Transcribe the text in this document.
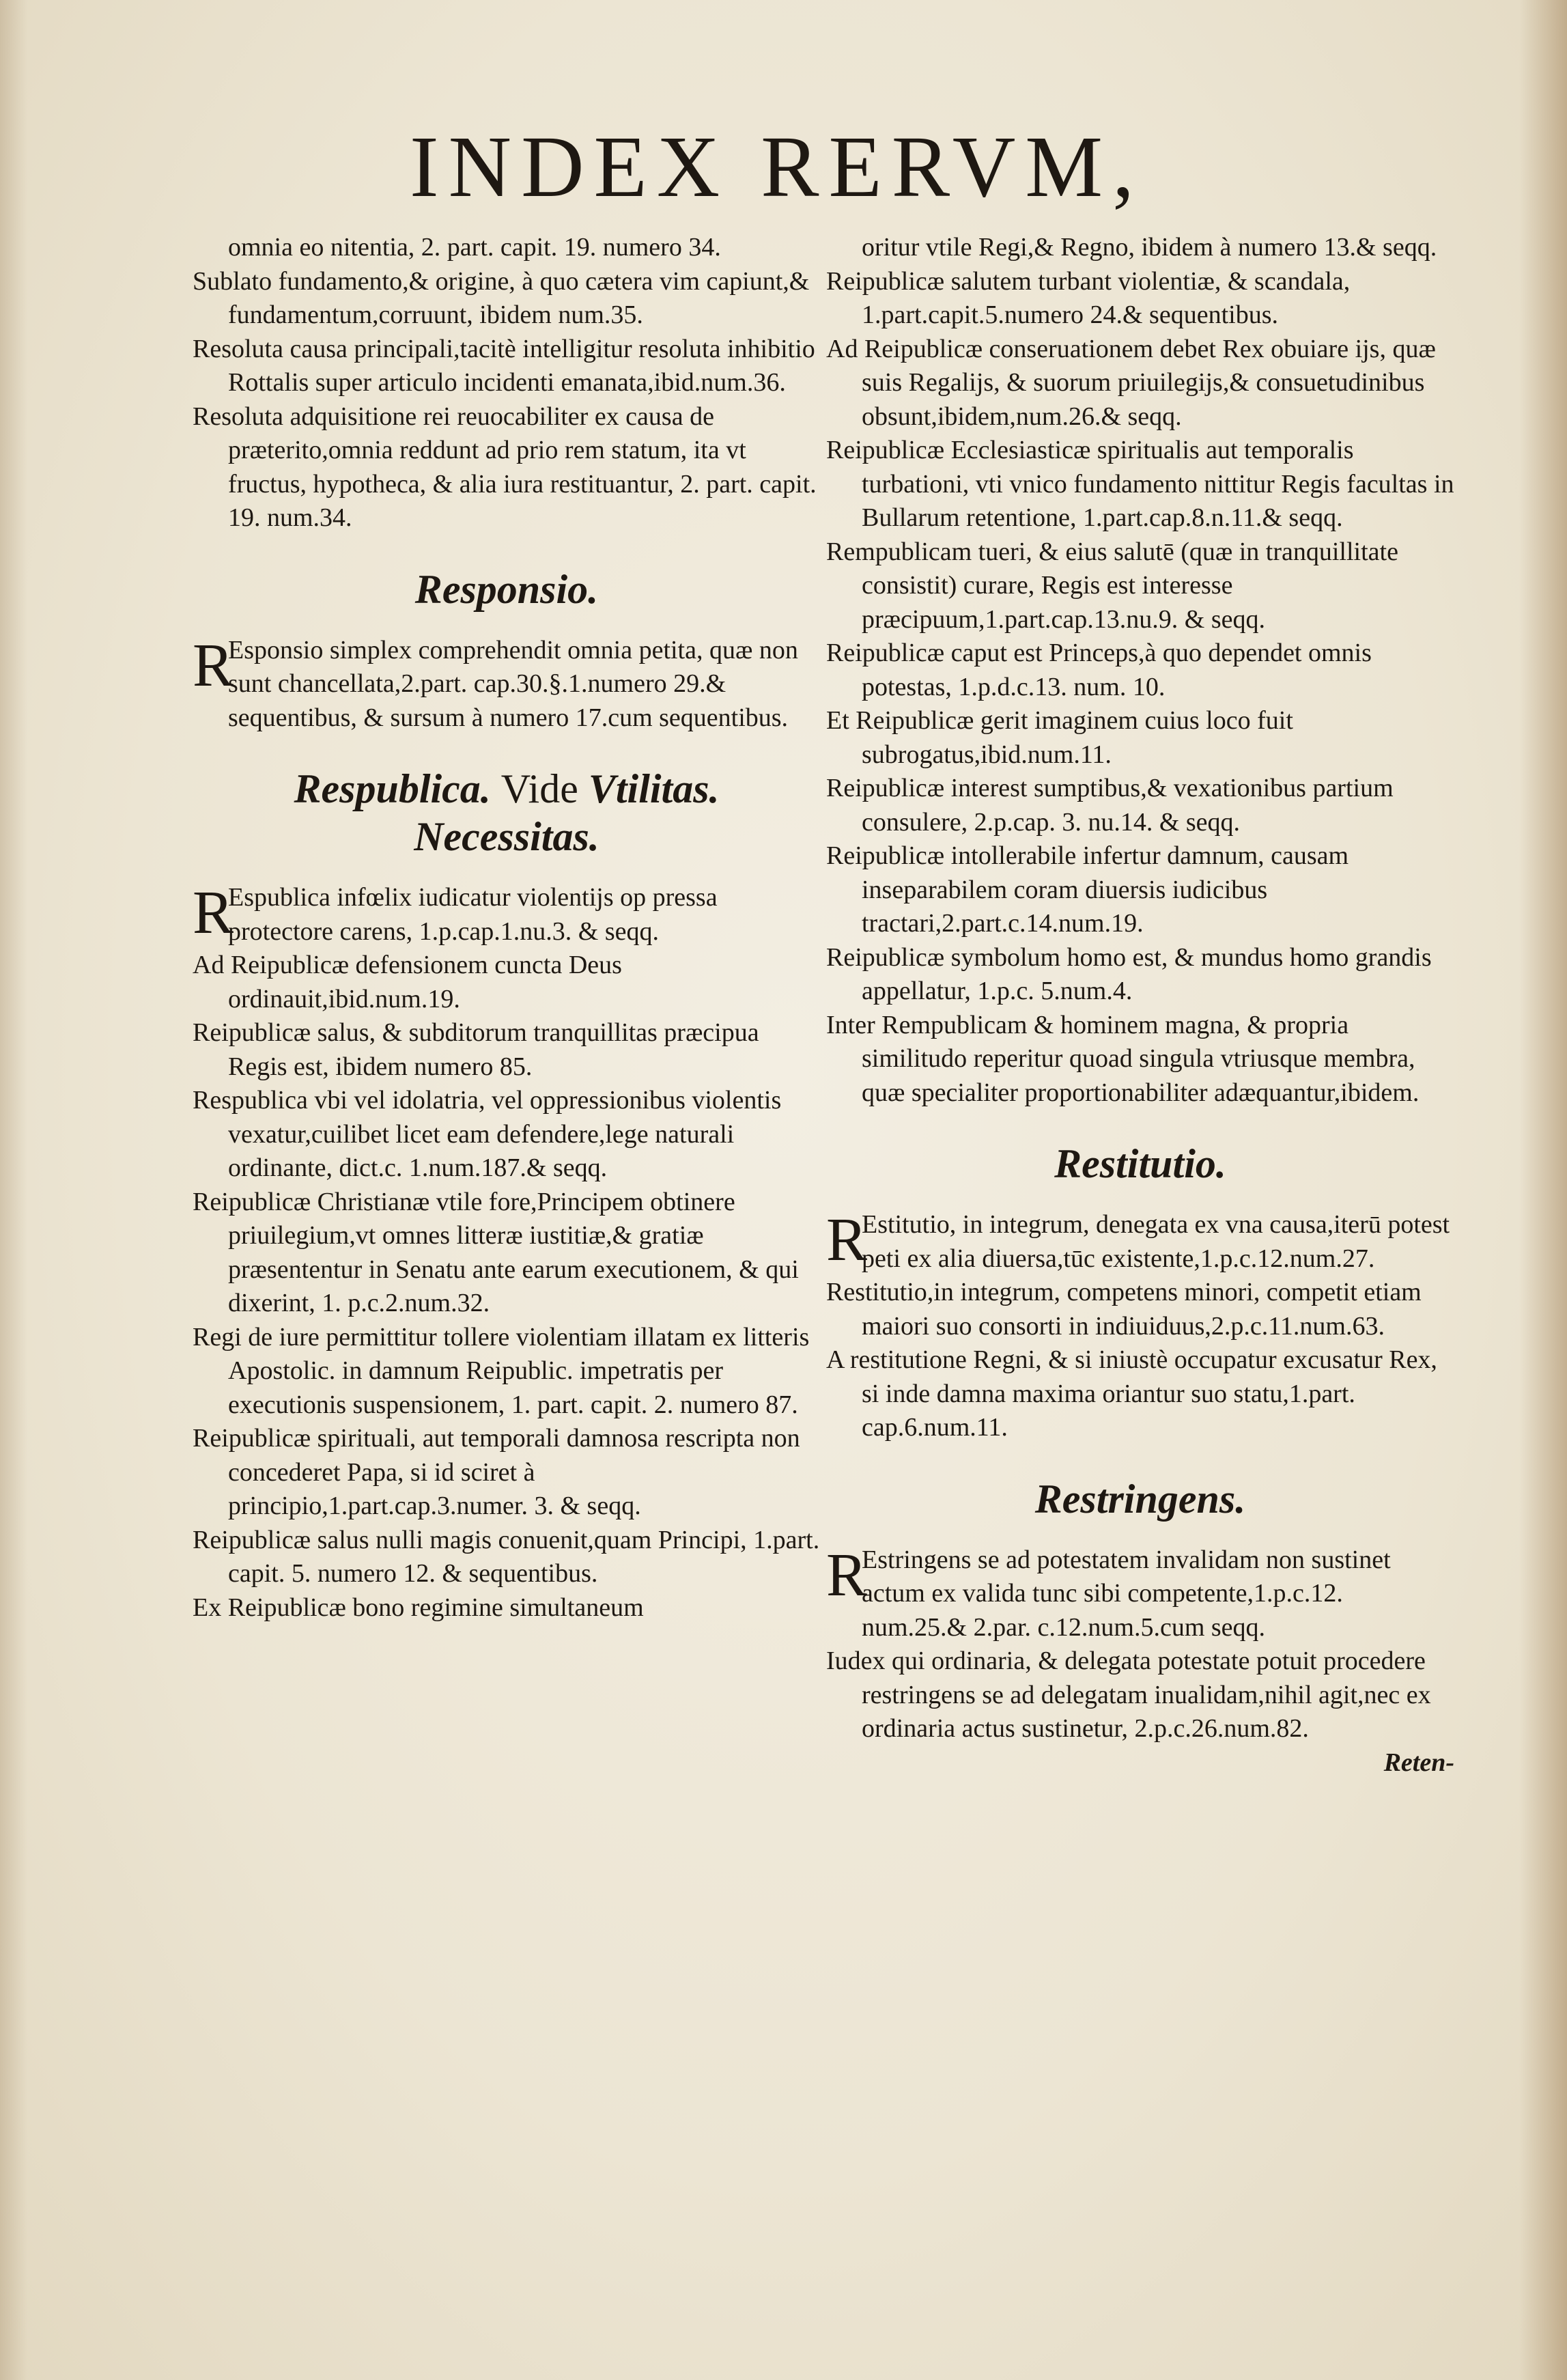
INDEX RERVM,

omnia eo nitentia, 2. part. capit. 19. numero 34.

Sublato fundamento,& origine, à quo cætera vim capiunt,& fundamentum,corruunt, ibidem num.35.

Resoluta causa principali,tacitè intelligitur resoluta inhibitio Rottalis super articulo incidenti emanata,ibid.num.36.

Resoluta adquisitione rei reuocabiliter ex causa de præterito,omnia reddunt ad prio rem statum, ita vt fructus, hypotheca, & alia iura restituantur, 2. part. capit. 19. num.34.

Responsio.

R
Esponsio simplex comprehendit omnia petita, quæ non sunt chancellata,2.part. cap.30.§.1.numero 29.& sequentibus, & sursum à numero 17.cum sequentibus.

Respublica. Vide Vtilitas.
Necessitas.

R
Espublica infœlix iudicatur violentijs op pressa protectore carens, 1.p.cap.1.nu.3. & seqq.

Ad Reipublicæ defensionem cuncta Deus ordinauit,ibid.num.19.

Reipublicæ salus, & subditorum tranquillitas præcipua Regis est, ibidem numero 85.

Respublica vbi vel idolatria, vel oppressionibus violentis vexatur,cuilibet licet eam defendere,lege naturali ordinante, dict.c. 1.num.187.& seqq.

Reipublicæ Christianæ vtile fore,Principem obtinere priuilegium,vt omnes litteræ iustitiæ,& gratiæ præsententur in Senatu ante earum executionem, & qui dixerint, 1. p.c.2.num.32.

Regi de iure permittitur tollere violentiam illatam ex litteris Apostolic. in damnum Reipublic. impetratis per executionis suspensionem, 1. part. capit. 2. numero 87.

Reipublicæ spirituali, aut temporali damnosa rescripta non concederet Papa, si id sciret à principio,1.part.cap.3.numer. 3. & seqq.

Reipublicæ salus nulli magis conuenit,quam Principi, 1.part. capit. 5. numero 12. & sequentibus.

Ex Reipublicæ bono regimine simultaneum

oritur vtile Regi,& Regno, ibidem à numero 13.& seqq.

Reipublicæ salutem turbant violentiæ, & scandala, 1.part.capit.5.numero 24.& sequentibus.

Ad Reipublicæ conseruationem debet Rex obuiare ijs, quæ suis Regalijs, & suorum priuilegijs,& consuetudinibus obsunt,ibidem,num.26.& seqq.

Reipublicæ Ecclesiasticæ spiritualis aut temporalis turbationi, vti vnico fundamento nittitur Regis facultas in Bullarum retentione, 1.part.cap.8.n.11.& seqq.

Rempublicam tueri, & eius salutē (quæ in tranquillitate consistit) curare, Regis est interesse præcipuum,1.part.cap.13.nu.9. & seqq.

Reipublicæ caput est Princeps,à quo dependet omnis potestas, 1.p.d.c.13. num. 10.

Et Reipublicæ gerit imaginem cuius loco fuit subrogatus,ibid.num.11.

Reipublicæ interest sumptibus,& vexationibus partium consulere, 2.p.cap. 3. nu.14. & seqq.

Reipublicæ intollerabile infertur damnum, causam inseparabilem coram diuersis iudicibus tractari,2.part.c.14.num.19.

Reipublicæ symbolum homo est, & mundus homo grandis appellatur, 1.p.c. 5.num.4.

Inter Rempublicam & hominem magna, & propria similitudo reperitur quoad singula vtriusque membra, quæ specialiter proportionabiliter adæquantur,ibidem.

Restitutio.

R
Estitutio, in integrum, denegata ex vna causa,iterū potest peti ex alia diuersa,tūc existente,1.p.c.12.num.27.

Restitutio,in integrum, competens minori, competit etiam maiori suo consorti in indiuiduus,2.p.c.11.num.63.

A restitutione Regni, & si iniustè occupatur excusatur Rex, si inde damna maxima oriantur suo statu,1.part. cap.6.num.11.

Restringens.

R
Estringens se ad potestatem invalidam non sustinet actum ex valida tunc sibi competente,1.p.c.12. num.25.& 2.par. c.12.num.5.cum seqq.

Iudex qui ordinaria, & delegata potestate potuit procedere restringens se ad delegatam inualidam,nihil agit,nec ex ordinaria actus sustinetur, 2.p.c.26.num.82.

Reten-
